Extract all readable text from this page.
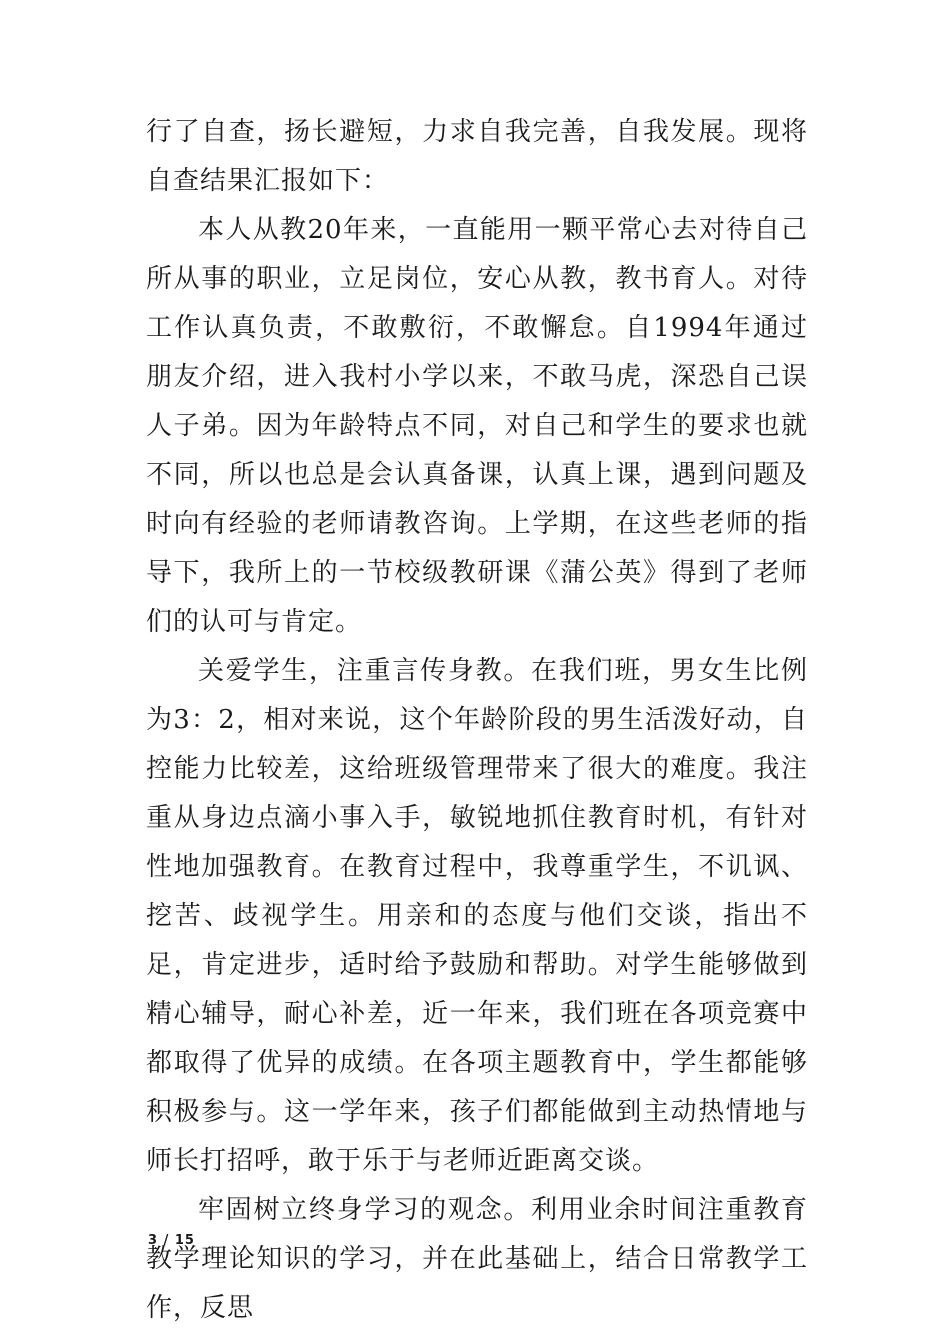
行了自查，扬长避短，力求自我完善，自我发展。现将自查结果汇报如下：

本人从教20年来，一直能用一颗平常心去对待自己所从事的职业，立足岗位，安心从教，教书育人。对待工作认真负责，不敢敷衍，不敢懈怠。自1994年通过朋友介绍，进入我村小学以来，不敢马虎，深恐自己误人子弟。因为年龄特点不同，对自己和学生的要求也就不同，所以也总是会认真备课，认真上课，遇到问题及时向有经验的老师请教咨询。上学期，在这些老师的指导下，我所上的一节校级教研课《蒲公英》得到了老师们的认可与肯定。

关爱学生，注重言传身教。在我们班，男女生比例为3：2，相对来说，这个年龄阶段的男生活泼好动，自控能力比较差，这给班级管理带来了很大的难度。我注重从身边点滴小事入手，敏锐地抓住教育时机，有针对性地加强教育。在教育过程中，我尊重学生，不讥讽、挖苦、歧视学生。用亲和的态度与他们交谈，指出不足，肯定进步，适时给予鼓励和帮助。对学生能够做到精心辅导，耐心补差，近一年来，我们班在各项竞赛中都取得了优异的成绩。在各项主题教育中，学生都能够积极参与。这一学年来，孩子们都能做到主动热情地与师长打招呼，敢于乐于与老师近距离交谈。

牢固树立终身学习的观念。利用业余时间注重教育教学理论知识的学习，并在此基础上，结合日常教学工作，反思

3 / 15
